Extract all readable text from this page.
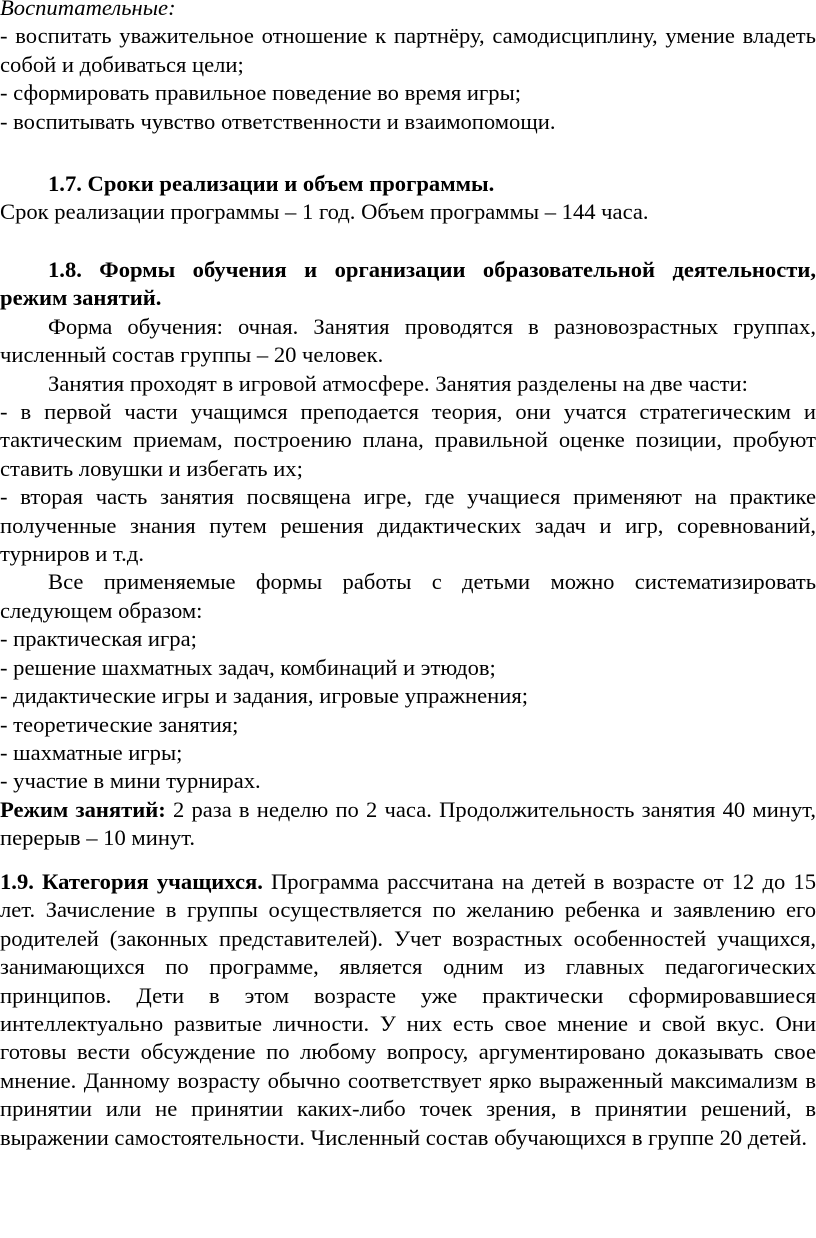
Воспитательные:

- воспитать уважительное отношение к партнёру, самодисциплину, умение владеть собой и добиваться цели;

- сформировать правильное поведение во время игры;

- воспитывать чувство ответственности и взаимопомощи.

1.7. Сроки реализации и объем программы.

Срок реализации программы – 1 год. Объем программы – 144 часа.

1.8. Формы обучения и организации образовательной деятельности, режим занятий.

Форма обучения: очная. Занятия проводятся в разновозрастных группах, численный состав группы – 20 человек.

Занятия проходят в игровой атмосфере. Занятия разделены на две части:

- в первой части учащимся преподается теория, они учатся стратегическим и тактическим приемам, построению плана, правильной оценке позиции, пробуют ставить ловушки и избегать их;

- вторая часть занятия посвящена игре, где учащиеся применяют на практике полученные знания путем решения дидактических задач и игр, соревнований, турниров и т.д.

Все применяемые формы работы с детьми можно систематизировать следующем образом:

- практическая игра;

- решение шахматных задач, комбинаций и этюдов;

- дидактические игры и задания, игровые упражнения;

- теоретические занятия;

- шахматные игры;

- участие в мини турнирах.

Режим занятий: 2 раза в неделю по 2 часа. Продолжительность занятия 40 минут, перерыв – 10 минут.

1.9. Категория учащихся. Программа рассчитана на детей в возрасте от 12 до 15 лет. Зачисление в группы осуществляется по желанию ребенка и заявлению его родителей (законных представителей). Учет возрастных особенностей учащихся, занимающихся по программе, является одним из главных педагогических принципов. Дети в этом возрасте уже практически сформировавшиеся интеллектуально развитые личности. У них есть свое мнение и свой вкус. Они готовы вести обсуждение по любому вопросу, аргументировано доказывать свое мнение. Данному возрасту обычно соответствует ярко выраженный максимализм в принятии или не принятии каких-либо точек зрения, в принятии решений, в выражении самостоятельности. Численный состав обучающихся в группе 20 детей.
